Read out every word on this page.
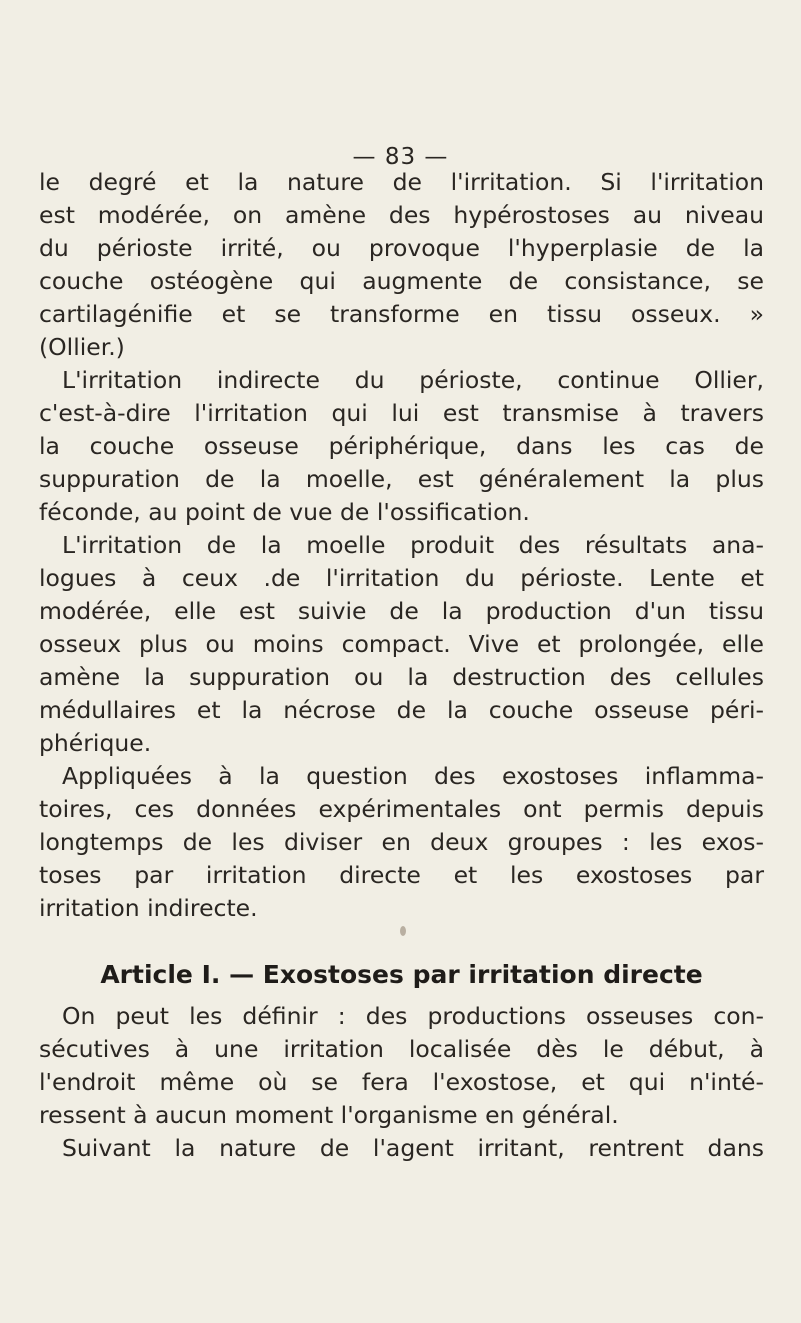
— 83 —
le degré et la nature de l'irritation. Si l'irritation
est modérée, on amène des hypérostoses au niveau
du périoste irrité, ou provoque l'hyperplasie de la
couche ostéogène qui augmente de consistance, se
cartilagénifie et se transforme en tissu osseux. »
(Ollier.)
L'irritation indirecte du périoste, continue Ollier,
c'est-à-dire l'irritation qui lui est transmise à travers
la couche osseuse périphérique, dans les cas de
suppuration de la moelle, est généralement la plus
féconde, au point de vue de l'ossification.
L'irritation de la moelle produit des résultats ana-
logues à ceux .de l'irritation du périoste. Lente et
modérée, elle est suivie de la production d'un tissu
osseux plus ou moins compact. Vive et prolongée, elle
amène la suppuration ou la destruction des cellules
médullaires et la nécrose de la couche osseuse péri-
phérique.
Appliquées à la question des exostoses inflamma-
toires, ces données expérimentales ont permis depuis
longtemps de les diviser en deux groupes : les exos-
toses par irritation directe et les exostoses par
irritation indirecte.
Article I. — Exostoses par irritation directe
On peut les définir : des productions osseuses con-
sécutives à une irritation localisée dès le début, à
l'endroit même où se fera l'exostose, et qui n'inté-
ressent à aucun moment l'organisme en général.
Suivant la nature de l'agent irritant, rentrent dans
